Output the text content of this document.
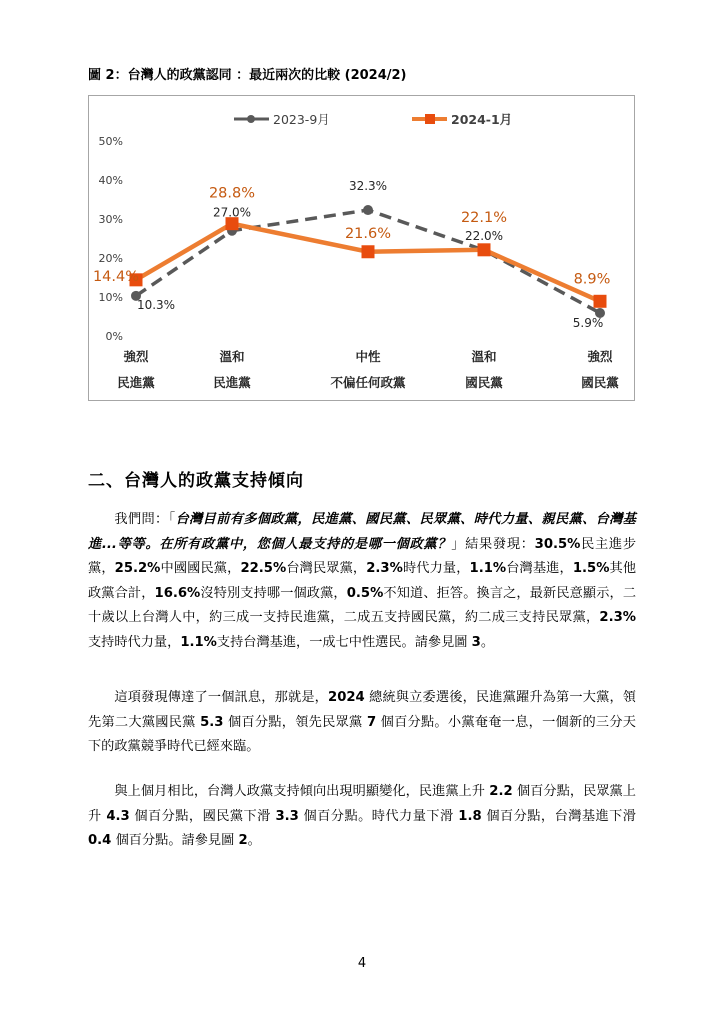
圖 2：台灣人的政黨認同 ：最近兩次的比較 (2024/2)
0%
10%
20%
30%
40%
50%
強烈
民進黨
溫和
民進黨
中性
不偏任何政黨
溫和
國民黨
強烈
國民黨
2023-9月	2024-1月
10.3%
27.0%
32.3%
22.0%
5.9%
14.4%
28.8%
21.6%
22.1%
8.9%
二、台灣人的政黨支持傾向

我們問：「台灣目前有多個政黨，民進黨、國民黨、民眾黨、時代力量、親民黨、台灣基進...等等。在所有政黨中，您個人最支持的是哪一個政黨？」結果發現：30.5%民主進步黨，25.2%中國國民黨，22.5%台灣民眾黨，2.3%時代力量，1.1%台灣基進，1.5%其他政黨合計，16.6%沒特別支持哪一個政黨，0.5%不知道、拒答。換言之，最新民意顯示，二十歲以上台灣人中，約三成一支持民進黨，二成五支持國民黨，約二成三支持民眾黨，2.3%支持時代力量，1.1%支持台灣基進，一成七中性選民。請參見圖 3。

這項發現傳達了一個訊息，那就是，2024 總統與立委選後，民進黨躍升為第一大黨，領先第二大黨國民黨 5.3 個百分點，領先民眾黨 7 個百分點。小黨奄奄一息，一個新的三分天下的政黨競爭時代已經來臨。

與上個月相比，台灣人政黨支持傾向出現明顯變化，民進黨上升 2.2 個百分點，民眾黨上升 4.3 個百分點，國民黨下滑 3.3 個百分點。時代力量下滑 1.8 個百分點，台灣基進下滑 0.4 個百分點。請參見圖 2。

4
